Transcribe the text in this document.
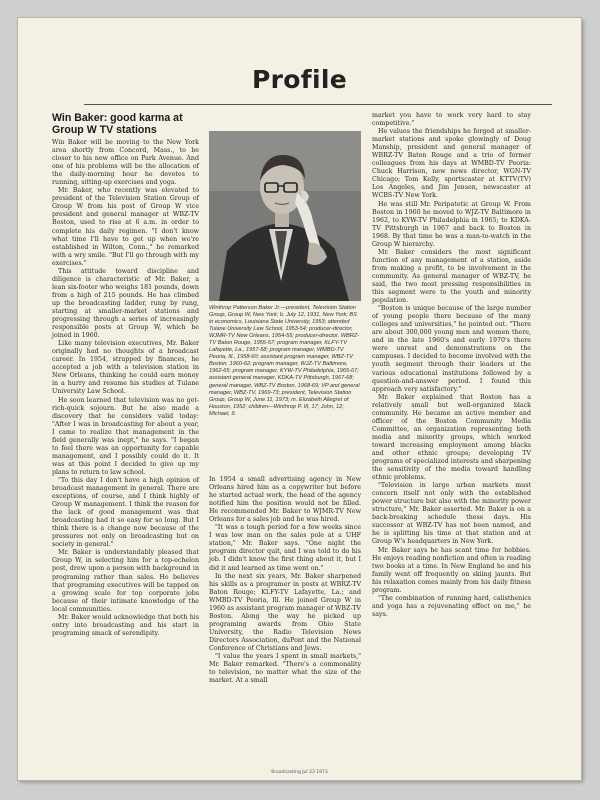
Profile
Win Baker: good karma at Group W TV stations

Win Baker will be moving to the New York area shortly from Concord, Mass., to be closer to his new office on Park Avenue. And one of his problems will be the allocation of the daily-morning hour he devotes to running, sitting-up exercises and yoga.

Mr. Baker, who recently was elevated to president of the Television Station Group of Group W from his post of Group W vice president and general manager at WBZ-TV Boston, used to rise at 6 a.m. in order to complete his daily regimen. "I don't know what time I'll have to get up when we're established in Wilton, Conn.," he remarked with a wry smile. "But I'll go through with my exercises."

This attitude toward discipline and diligence is characteristic of Mr. Baker, a lean six-footer who weighs 181 pounds, down from a high of 215 pounds. He has climbed up the broadcasting ladder, rung by rung, starting at smaller-market stations and progressing through a series of increasingly responsible posts at Group W, which he joined in 1960.

Like many television executives, Mr. Baker originally had no thoughts of a broadcast career. In 1954, strapped by finances, he accepted a job with a television station in New Orleans, thinking he could earn money in a hurry and resume his studies at Tulane University Law School.

He soon learned that television was no get-rich-quick sojourn. But he also made a discovery that he considers valid today: "After I was in broadcasting for about a year, I came to realize that management in the field generally was inept," he says. "I began to feel there was an opportunity for capable management, and I possibly could do it. It was at this point I decided to give up my plans to return to law school.

"To this day I don't have a high opinion of broadcast management in general. There are exceptions, of course, and I think highly of Group W management. I think the reason for the lack of good management was that broadcasting had it so easy for so long. But I think there is a change now because of the pressures not only on broadcasting but on society in general."

Mr. Baker is understandably pleased that Group W, in selecting him for a top-echelon post, drew upon a person with background in programing rather than sales. He believes that programing executives will be tapped on a growing scale for top corporate jobs because of their intimate knowledge of the local communities.

Mr. Baker would acknowledge that both his entry into broadcasting and his start in programing smack of serendipity.

Winthrop Patterson Baker Jr.—president, Television Station Group, Group W, New York; b. July 12, 1931, New York; BS in economics, Louisiana State University, 1953; attended Tulane University Law School, 1953-54; producer-director, WJMR-TV New Orleans, 1954-55; producer-director, WBRZ-TV Baton Rouge, 1955-57; program manager, KLFY-TV Lafayette, La., 1957-58; program manager, WMBD-TV Peoria, Ill., 1958-60; assistant program manager, WBZ-TV Boston, 1960-62; program manager, WJZ-TV Baltimore, 1962-65; program manager, KYW-TV Philadelphia, 1965-67; assistant general manager, KDKA-TV Pittsburgh, 1967-68; general manager, WBZ-TV Boston, 1968-69; VP and general manager, WBZ-TV, 1969-73; president, Television Station Group, Group W, June 11, 1973; m. Elizabeth Allegret of Houston, 1952; children—Winthrop P. III, 17; John, 12; Michael, 9.

In 1954 a small advertising agency in New Orleans hired him as a copywriter but before he started actual work, the head of the agency notified him the position would not be filled. He recommended Mr. Baker to WJMR-TV New Orleans for a sales job and he was hired.

"It was a tough period for a few weeks since I was low man on the sales pole at a UHF station," Mr. Baker says. "One night the program director quit, and I was told to do his job. I didn't know the first thing about it, but I did it and learned as time went on."

In the next six years, Mr. Baker sharpened his skills as a programer in posts at WBRZ-TV Baton Rouge; KLFY-TV Lafayette, La.; and WMBD-TV Peoria, Ill. He joined Group W in 1960 as assistant program manager of WBZ-TV Boston. Along the way he picked up programing awards from Ohio State University, the Radio Television News Directors Association, duPont and the National Conference of Christians and Jews.

"I value the years I spent in small markets," Mr. Baker remarked. "There's a commonality to television, no matter what the size of the market. At a small

market you have to work very hard to stay competitive."

He values the friendships he forged at smaller-market stations and spoke glowingly of Doug Manship, president and general manager of WBRZ-TV Baton Rouge and a trio of former colleagues from his days at WMBD-TV Peoria: Chuck Harrison, new news director, WGN-TV Chicago; Tom Kelly, sportscaster at KTTV(TV) Los Angeles, and Jim Jensen, newscaster at WCBS-TV New York.

He was still Mr. Peripatetic at Group W. From Boston in 1960 he moved to WJZ-TV Baltimore in 1962, to KYW-TV Philadelphia in 1965; to KDKA-TV Pittsburgh in 1967 and back to Boston in 1968. By that time he was a man-to-watch in the Group W hierarchy.

Mr. Baker considers the most significant function of any management of a station, aside from making a profit, to be involvement in the community. As general manager of WBZ-TV, he said, the two most pressing responsibilities in this segment were to the youth and minority population.

"Boston is unique because of the large number of young people there because of the many colleges and universities," he pointed out. "There are about 300,000 young men and women there, and in the late 1960's and early 1970's there were unrest and demonstrations on the campuses. I decided to become involved with the youth segment through their leaders at the various educational institutions followed by a question-and-answer period. I found this approach very satisfactory."

Mr. Baker explained that Boston has a relatively small but well-organized black community. He became an active member and officer of the Boston Community Media Committee, an organization representing both media and minority groups, which worked toward increasing employment among blacks and other ethnic groups; developing TV programs of specialized interests and sharpening the sensitivity of the media toward handling ethnic problems.

"Television in large urban markets must concern itself not only with the established power structure but also with the minority power structure," Mr. Baker asserted. Mr. Baker is on a back-breaking schedule these days. His successor at WBZ-TV has not been named, and he is splitting his time at that station and at Group W's headquarters in New York.

Mr. Baker says he has scant time for hobbies. He enjoys reading nonfiction and often is reading two books at a time. In New England he and his family went off frequently on skiing jaunts. But his relaxation comes mainly from his daily fitness program.

"The combination of running hard, calisthenics and yoga has a rejuvenating effect on me," he says.

Broadcasting Jul 23 1973
